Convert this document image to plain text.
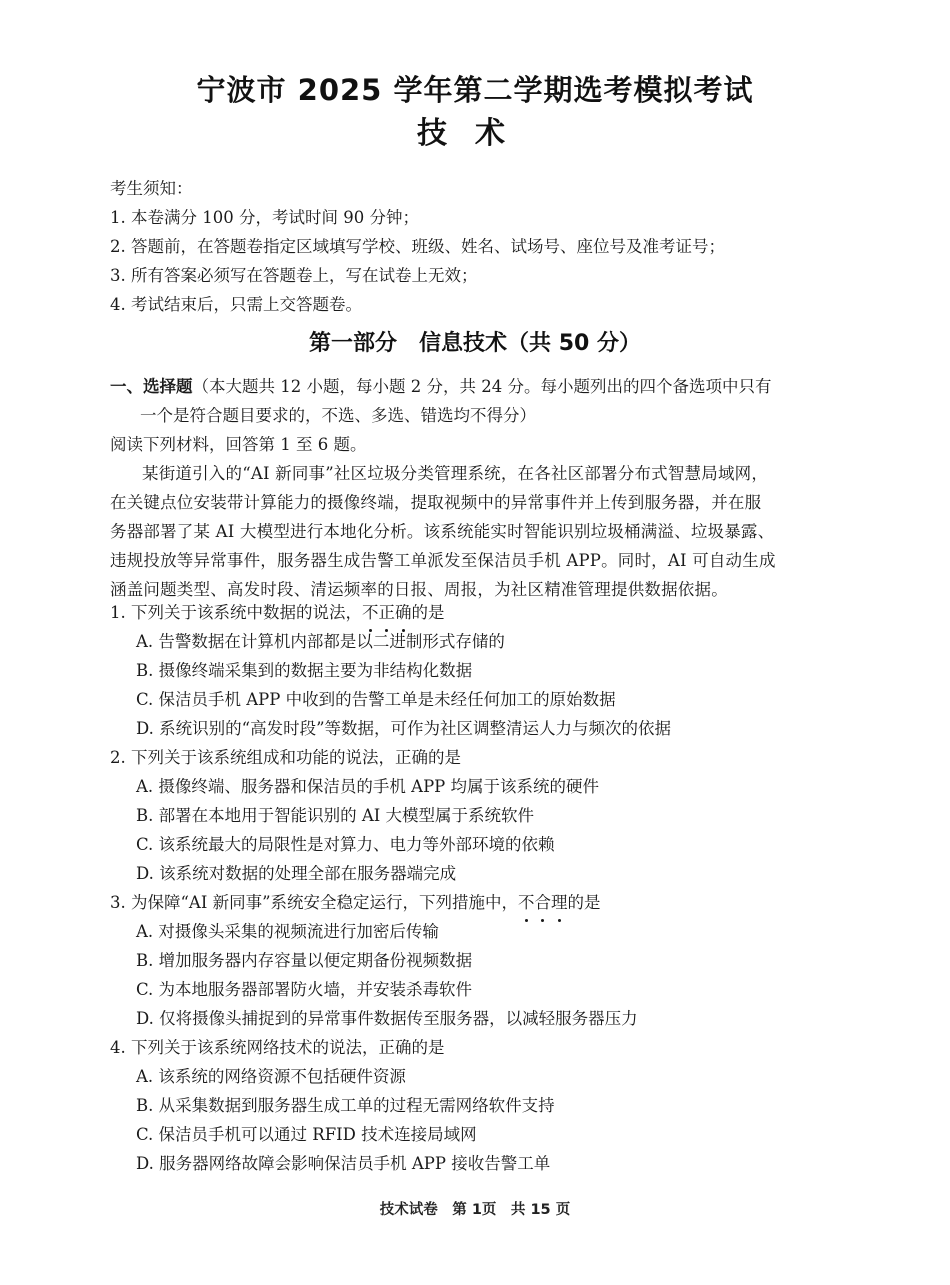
宁波市 2025 学年第二学期选考模拟考试
技术
考生须知：
1. 本卷满分 100 分，考试时间 90 分钟；
2. 答题前，在答题卷指定区域填写学校、班级、姓名、试场号、座位号及准考证号；
3. 所有答案必须写在答题卷上，写在试卷上无效；
4. 考试结束后，只需上交答题卷。
第一部分　信息技术（共 50 分）
一、选择题（本大题共 12 小题，每小题 2 分，共 24 分。每小题列出的四个备选项中只有
一个是符合题目要求的，不选、多选、错选均不得分）
阅读下列材料，回答第 1 至 6 题。
某街道引入的“AI 新同事”社区垃圾分类管理系统，在各社区部署分布式智慧局域网，
在关键点位安装带计算能力的摄像终端，提取视频中的异常事件并上传到服务器，并在服
务器部署了某 AI 大模型进行本地化分析。该系统能实时智能识别垃圾桶满溢、垃圾暴露、
违规投放等异常事件，服务器生成告警工单派发至保洁员手机 APP。同时，AI 可自动生成
涵盖问题类型、高发时段、清运频率的日报、周报，为社区精准管理提供数据依据。
1. 下列关于该系统中数据的说法，不正确的是
A. 告警数据在计算机内部都是以二进制形式存储的
B. 摄像终端采集到的数据主要为非结构化数据
C. 保洁员手机 APP 中收到的告警工单是未经任何加工的原始数据
D. 系统识别的“高发时段”等数据，可作为社区调整清运人力与频次的依据
2. 下列关于该系统组成和功能的说法，正确的是
A. 摄像终端、服务器和保洁员的手机 APP 均属于该系统的硬件
B. 部署在本地用于智能识别的 AI 大模型属于系统软件
C. 该系统最大的局限性是对算力、电力等外部环境的依赖
D. 该系统对数据的处理全部在服务器端完成
3. 为保障“AI 新同事”系统安全稳定运行，下列措施中，不合理的是
A. 对摄像头采集的视频流进行加密后传输
B. 增加服务器内存容量以便定期备份视频数据
C. 为本地服务器部署防火墙，并安装杀毒软件
D. 仅将摄像头捕捉到的异常事件数据传至服务器，以减轻服务器压力
4. 下列关于该系统网络技术的说法，正确的是
A. 该系统的网络资源不包括硬件资源
B. 从采集数据到服务器生成工单的过程无需网络软件支持
C. 保洁员手机可以通过 RFID 技术连接局域网
D. 服务器网络故障会影响保洁员手机 APP 接收告警工单
技术试卷　第 1页　共 15 页
